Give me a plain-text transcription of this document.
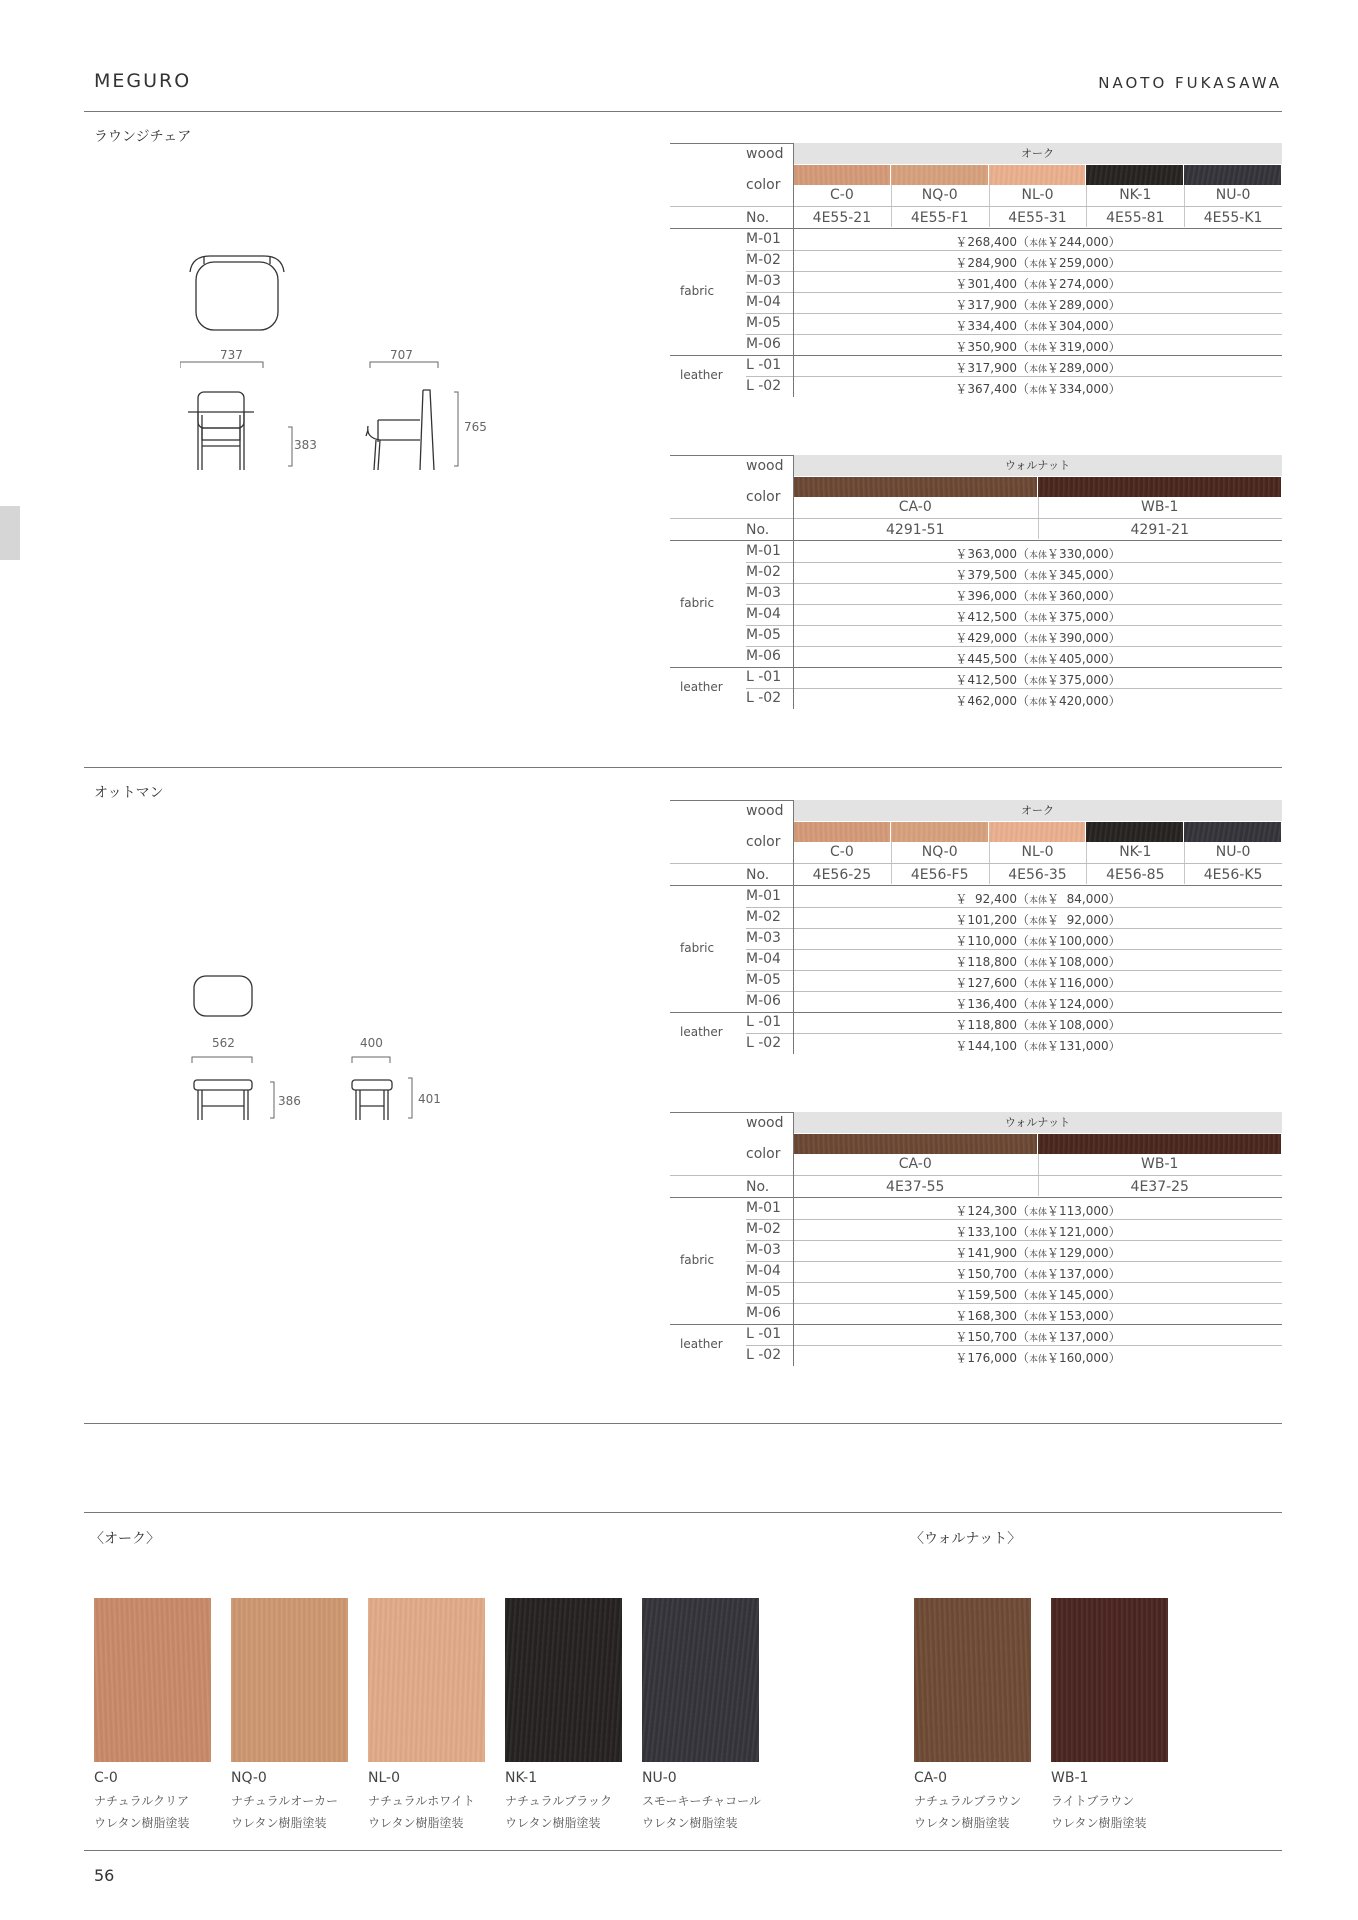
MEGURO	NAOTO FUKASAWA
ラウンジチェア
737	707
765
383
オーク
wood
color
C-0	NQ-0	NL-0	NK-1	NU-0
No.	4E55-21	4E55-F1	4E55-31	4E55-81	4E55-K1
M-01	￥268,400（本体￥244,000）
M-02	￥284,900（本体￥259,000）
M-03	￥301,400（本体￥274,000）
M-04	￥317,900（本体￥289,000）
M-05	￥334,400（本体￥304,000）
M-06	￥350,900（本体￥319,000）
L -01	￥317,900（本体￥289,000）
L -02	￥367,400（本体￥334,000）
fabric
leather
ウォルナット
wood
color
CA-0	WB-1
No.	4291-51	4291-21
M-01	￥363,000（本体￥330,000）
M-02	￥379,500（本体￥345,000）
M-03	￥396,000（本体￥360,000）
M-04	￥412,500（本体￥375,000）
M-05	￥429,000（本体￥390,000）
M-06	￥445,500（本体￥405,000）
L -01	￥412,500（本体￥375,000）
L -02	￥462,000（本体￥420,000）
fabric
leather
オットマン
562	400
386	401
オーク
wood
color
C-0	NQ-0	NL-0	NK-1	NU-0
No.	4E56-25	4E56-F5	4E56-35	4E56-85	4E56-K5
M-01	￥  92,400（本体￥  84,000）
M-02	￥101,200（本体￥  92,000）
M-03	￥110,000（本体￥100,000）
M-04	￥118,800（本体￥108,000）
M-05	￥127,600（本体￥116,000）
M-06	￥136,400（本体￥124,000）
L -01	￥118,800（本体￥108,000）
L -02	￥144,100（本体￥131,000）
fabric
leather
ウォルナット
wood
color
CA-0	WB-1
No.	4E37-55	4E37-25
M-01	￥124,300（本体￥113,000）
M-02	￥133,100（本体￥121,000）
M-03	￥141,900（本体￥129,000）
M-04	￥150,700（本体￥137,000）
M-05	￥159,500（本体￥145,000）
M-06	￥168,300（本体￥153,000）
L -01	￥150,700（本体￥137,000）
L -02	￥176,000（本体￥160,000）
fabric
leather
〈オーク〉	〈ウォルナット〉
C-0
ナチュラルクリア
ウレタン樹脂塗装
NQ-0
ナチュラルオーカー
ウレタン樹脂塗装
NL-0
ナチュラルホワイト
ウレタン樹脂塗装
NK-1
ナチュラルブラック
ウレタン樹脂塗装
NU-0
スモーキーチャコール
ウレタン樹脂塗装
CA-0
ナチュラルブラウン
ウレタン樹脂塗装
WB-1
ライトブラウン
ウレタン樹脂塗装
56
